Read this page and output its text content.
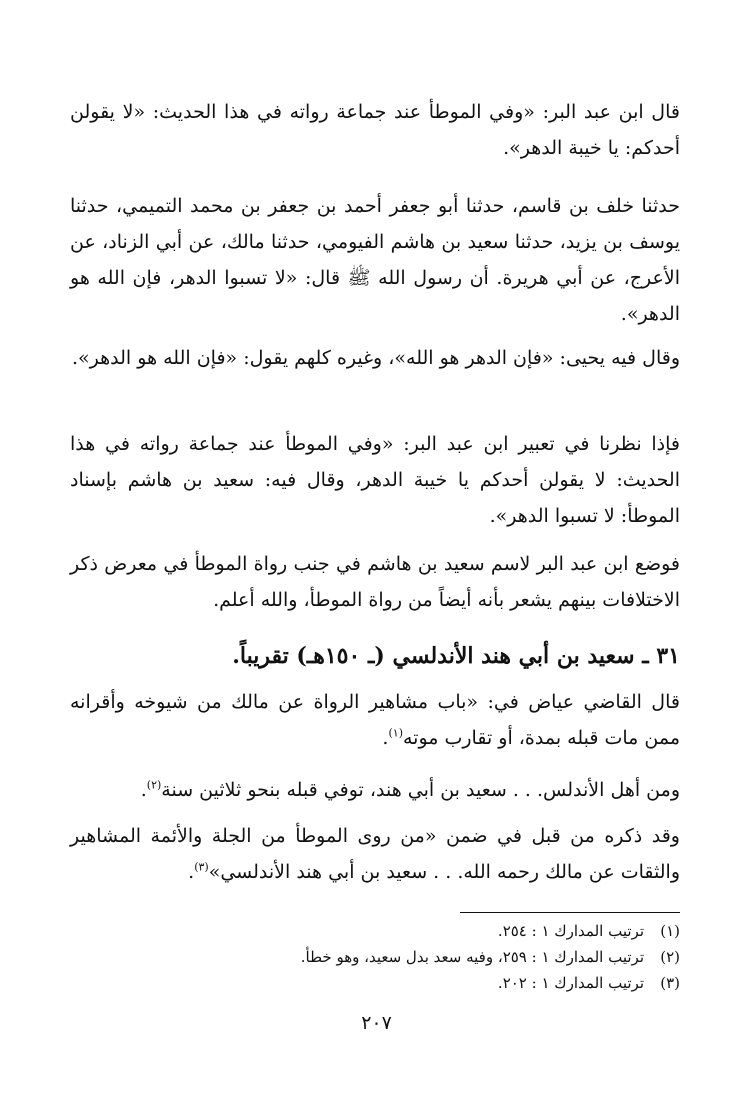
قال ابن عبد البر: «وفي الموطأ عند جماعة رواته في هذا الحديث: «لا يقولن أحدكم: يا خيبة الدهر».

حدثنا خلف بن قاسم، حدثنا أبو جعفر أحمد بن جعفر بن محمد التميمي، حدثنا يوسف بن يزيد، حدثنا سعيد بن هاشم الفيومي، حدثنا مالك، عن أبي الزناد، عن الأعرج، عن أبي هريرة. أن رسول الله ﷺ قال: «لا تسبوا الدهر، فإن الله هو الدهر».

وقال فيه يحيى: «فإن الدهر هو الله»، وغيره كلهم يقول: «فإن الله هو الدهر».

فإذا نظرنا في تعبير ابن عبد البر: «وفي الموطأ عند جماعة رواته في هذا الحديث: لا يقولن أحدكم يا خيبة الدهر، وقال فيه: سعيد بن هاشم بإسناد الموطأ: لا تسبوا الدهر».

فوضع ابن عبد البر لاسم سعيد بن هاشم في جنب رواة الموطأ في معرض ذكر الاختلافات بينهم يشعر بأنه أيضاً من رواة الموطأ، والله أعلم.

٣١ ـ سعيد بن أبي هند الأندلسي (ـ ١٥٠هـ) تقريباً.

قال القاضي عياض في: «باب مشاهير الرواة عن مالك من شيوخه وأقرانه ممن مات قبله بمدة، أو تقارب موته$^{(١)}$.

ومن أهل الأندلس. . . سعيد بن أبي هند، توفي قبله بنحو ثلاثين سنة$^{(٢)}$.

وقد ذكره من قبل في ضمن «من روى الموطأ من الجلة والأئمة المشاهير والثقات عن مالك رحمه الله. . . سعيد بن أبي هند الأندلسي»$^{(٣)}$.

(١)ترتيب المدارك ١ : ٢٥٤.
(٢)ترتيب المدارك ١ : ٢٥٩، وفيه سعد بدل سعيد، وهو خطأ.
(٣)ترتيب المدارك ١ : ٢٠٢.
٢٠٧
